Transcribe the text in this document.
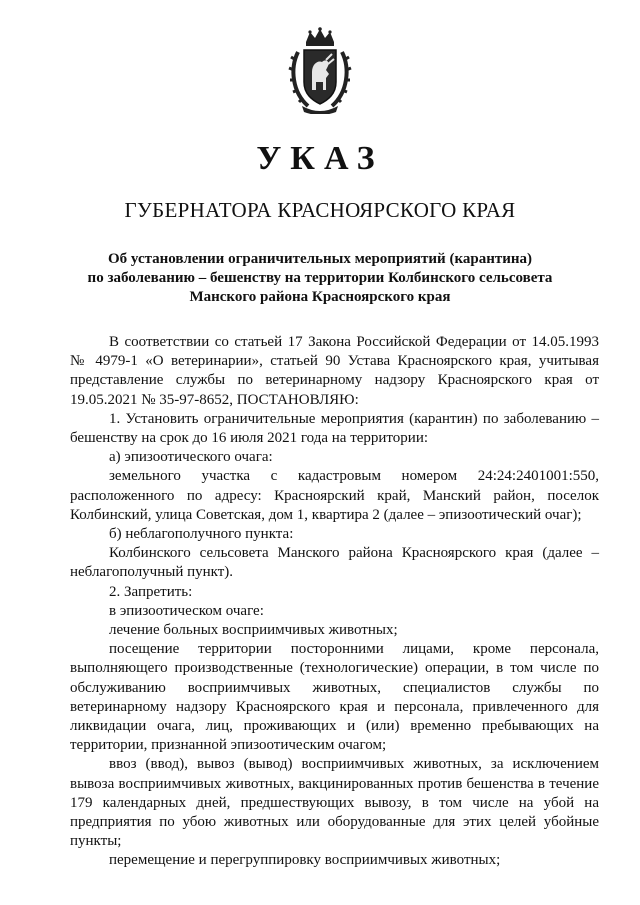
УКАЗ
ГУБЕРНАТОРА КРАСНОЯРСКОГО КРАЯ
Об установлении ограничительных мероприятий (карантина)
по заболеванию – бешенству на территории Колбинского сельсовета
Манского района Красноярского края

В соответствии со статьей 17 Закона Российской Федерации от 14.05.1993 № 4979-1 «О ветеринарии», статьей 90 Устава Красноярского края, учитывая представление службы по ветеринарному надзору Красноярского края от 19.05.2021 № 35-97-8652, ПОСТАНОВЛЯЮ:

1. Установить ограничительные мероприятия (карантин) по заболеванию – бешенству на срок до 16 июля 2021 года на территории:

а) эпизоотического очага:

земельного участка с кадастровым номером 24:24:2401001:550, расположенного по адресу: Красноярский край, Манский район, поселок Колбинский, улица Советская, дом 1, квартира 2 (далее – эпизоотический очаг);

б) неблагополучного пункта:

Колбинского сельсовета Манского района Красноярского края (далее – неблагополучный пункт).

2. Запретить:

в эпизоотическом очаге:

лечение больных восприимчивых животных;

посещение территории посторонними лицами, кроме персонала, выполняющего производственные (технологические) операции, в том числе по обслуживанию восприимчивых животных, специалистов службы по ветеринарному надзору Красноярского края и персонала, привлеченного для ликвидации очага, лиц, проживающих и (или) временно пребывающих на территории, признанной эпизоотическим очагом;

ввоз (ввод), вывоз (вывод) восприимчивых животных, за исключением вывоза восприимчивых животных, вакцинированных против бешенства в течение 179 календарных дней, предшествующих вывозу, в том числе на убой на предприятия по убою животных или оборудованные для этих целей убойные пункты;

перемещение и перегруппировку восприимчивых животных;
